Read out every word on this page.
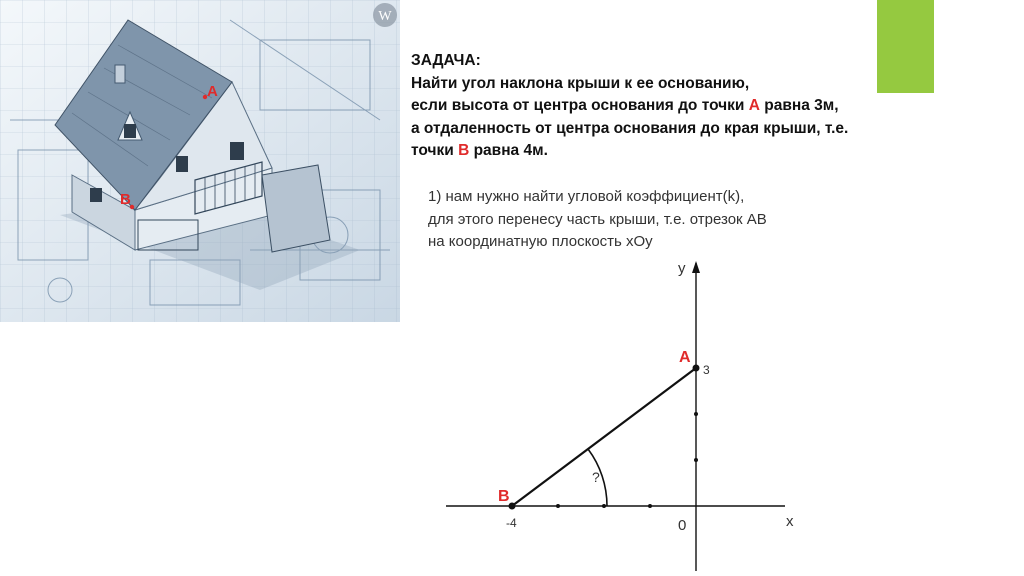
A
B
W
ЗАДАЧА:
Найти угол наклона крыши к ее основанию,
если высота от центра основания до точки А равна 3м,
а отдаленность от центра основания до края крыши, т.е.
точки В равна 4м.
1) нам нужно найти угловой коэффициент(k),
для этого перенесу часть крыши, т.е. отрезок АВ
на координатную плоскость хОу
у
х
0
А
В
3
-4
?
